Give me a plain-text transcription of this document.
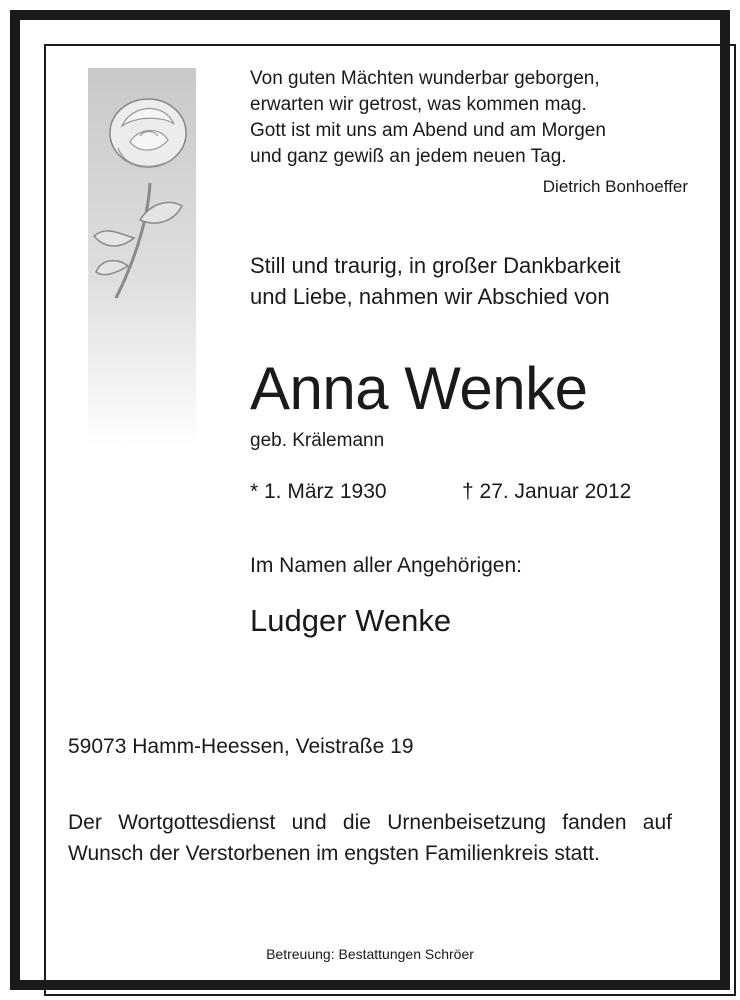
Von guten Mächten wunderbar geborgen,
erwarten wir getrost, was kommen mag.
Gott ist mit uns am Abend und am Morgen
und ganz gewiß an jedem neuen Tag.
Dietrich Bonhoeffer
Still und traurig, in großer Dankbarkeit
und Liebe, nahmen wir Abschied von
Anna Wenke
geb. Krälemann
* 1. März 1930	† 27. Januar 2012
Im Namen aller Angehörigen:
Ludger Wenke
59073 Hamm-Heessen, Veistraße 19
Der Wortgottesdienst und die Urnenbeisetzung fanden auf Wunsch der Verstorbenen im engsten Familienkreis statt.
Betreuung: Bestattungen Schröer
